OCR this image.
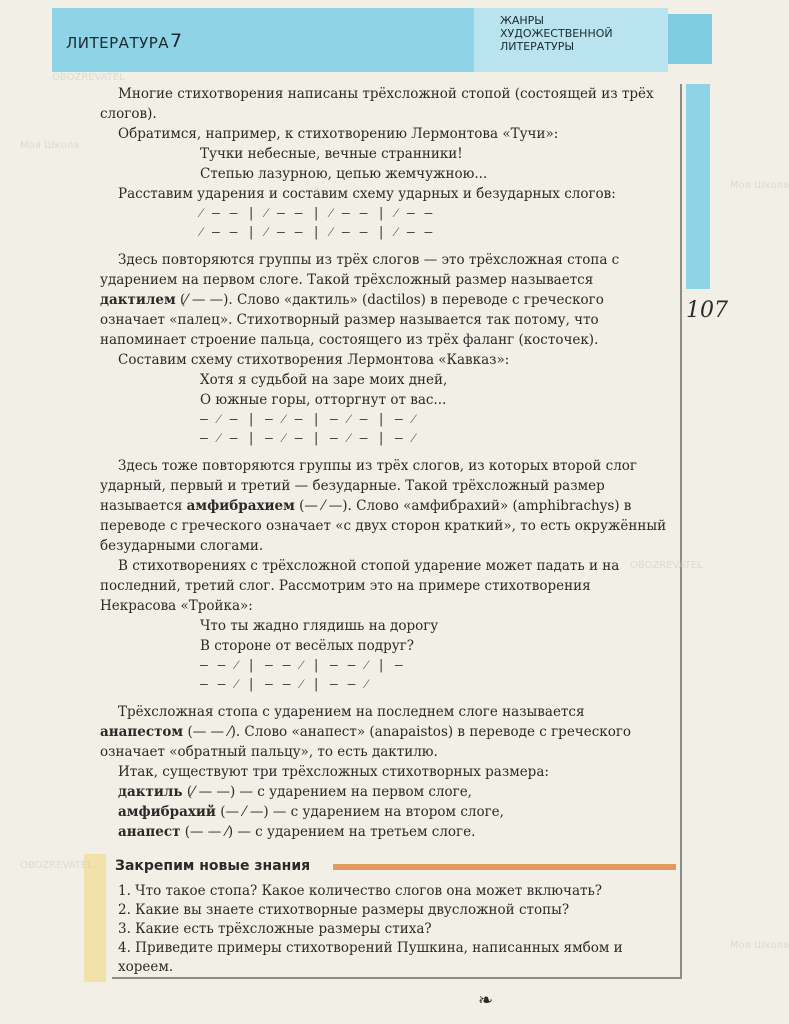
ЛИТЕРАТУРА 7
ЖАНРЫ
ХУДОЖЕСТВЕННОЙ
ЛИТЕРАТУРЫ
107

Многие стихотворения написаны трёхсложной стопой (состоящей из трёх слогов).

Обратимся, например, к стихотворению Лермонтова «Тучи»:

Тучки небесные, вечные странники!
Степью лазурною, цепью жемчужною...

Расставим ударения и составим схему ударных и безударных слогов:

⁄ — — | ⁄ — — | ⁄ — — | ⁄ — —
⁄ — — | ⁄ — — | ⁄ — — | ⁄ — —

Здесь повторяются группы из трёх слогов — это трёхсложная стопа с ударением на первом слоге. Такой трёхсложный размер называется дактилем (⁄ — —). Слово «дактиль» (dactilos) в переводе с греческого означает «палец». Стихотворный размер называется так потому, что напоминает строение пальца, состоящего из трёх фаланг (косточек).

Составим схему стихотворения Лермонтова «Кавказ»:

Хотя я судьбой на заре моих дней,
О южные горы, отторгнут от вас...
— ⁄ — | — ⁄ — | — ⁄ — | — ⁄
— ⁄ — | — ⁄ — | — ⁄ — | — ⁄

Здесь тоже повторяются группы из трёх слогов, из которых второй слог ударный, первый и третий — безударные. Такой трёхсложный размер называется амфибрахием (— ⁄ —). Слово «амфибрахий» (amphibrachys) в переводе с греческого означает «с двух сторон краткий», то есть окружённый безударными слогами.

В стихотворениях с трёхсложной стопой ударение может падать и на последний, третий слог. Рассмотрим это на примере стихотворения Некрасова «Тройка»:

Что ты жадно глядишь на дорогу
В стороне от весёлых подруг?
— — ⁄ | — — ⁄ | — — ⁄ | —
— — ⁄ | — — ⁄ | — — ⁄

Трёхсложная стопа с ударением на последнем слоге называется анапестом (— — ⁄). Слово «анапест» (anapaistos) в переводе с греческого означает «обратный пальцу», то есть дактилю.

Итак, существуют три трёхсложных стихотворных размера:

дактиль (⁄ — —) — с ударением на первом слоге,

амфибрахий (— ⁄ —) — с ударением на втором слоге,

анапест (— — ⁄) — с ударением на третьем слоге.

Закрепим новые знания

1. Что такое стопа? Какое количество слогов она может включать?

2. Какие вы знаете стихотворные размеры двусложной стопы?

3. Какие есть трёхсложные размеры стиха?

4. Приведите примеры стихотворений Пушкина, написанных ямбом и хореем.

❧
Моя Школа
OBOZREVATEL
Моя Школа
OBOZREVATEL
OBOZREVATEL
Моя Школа
